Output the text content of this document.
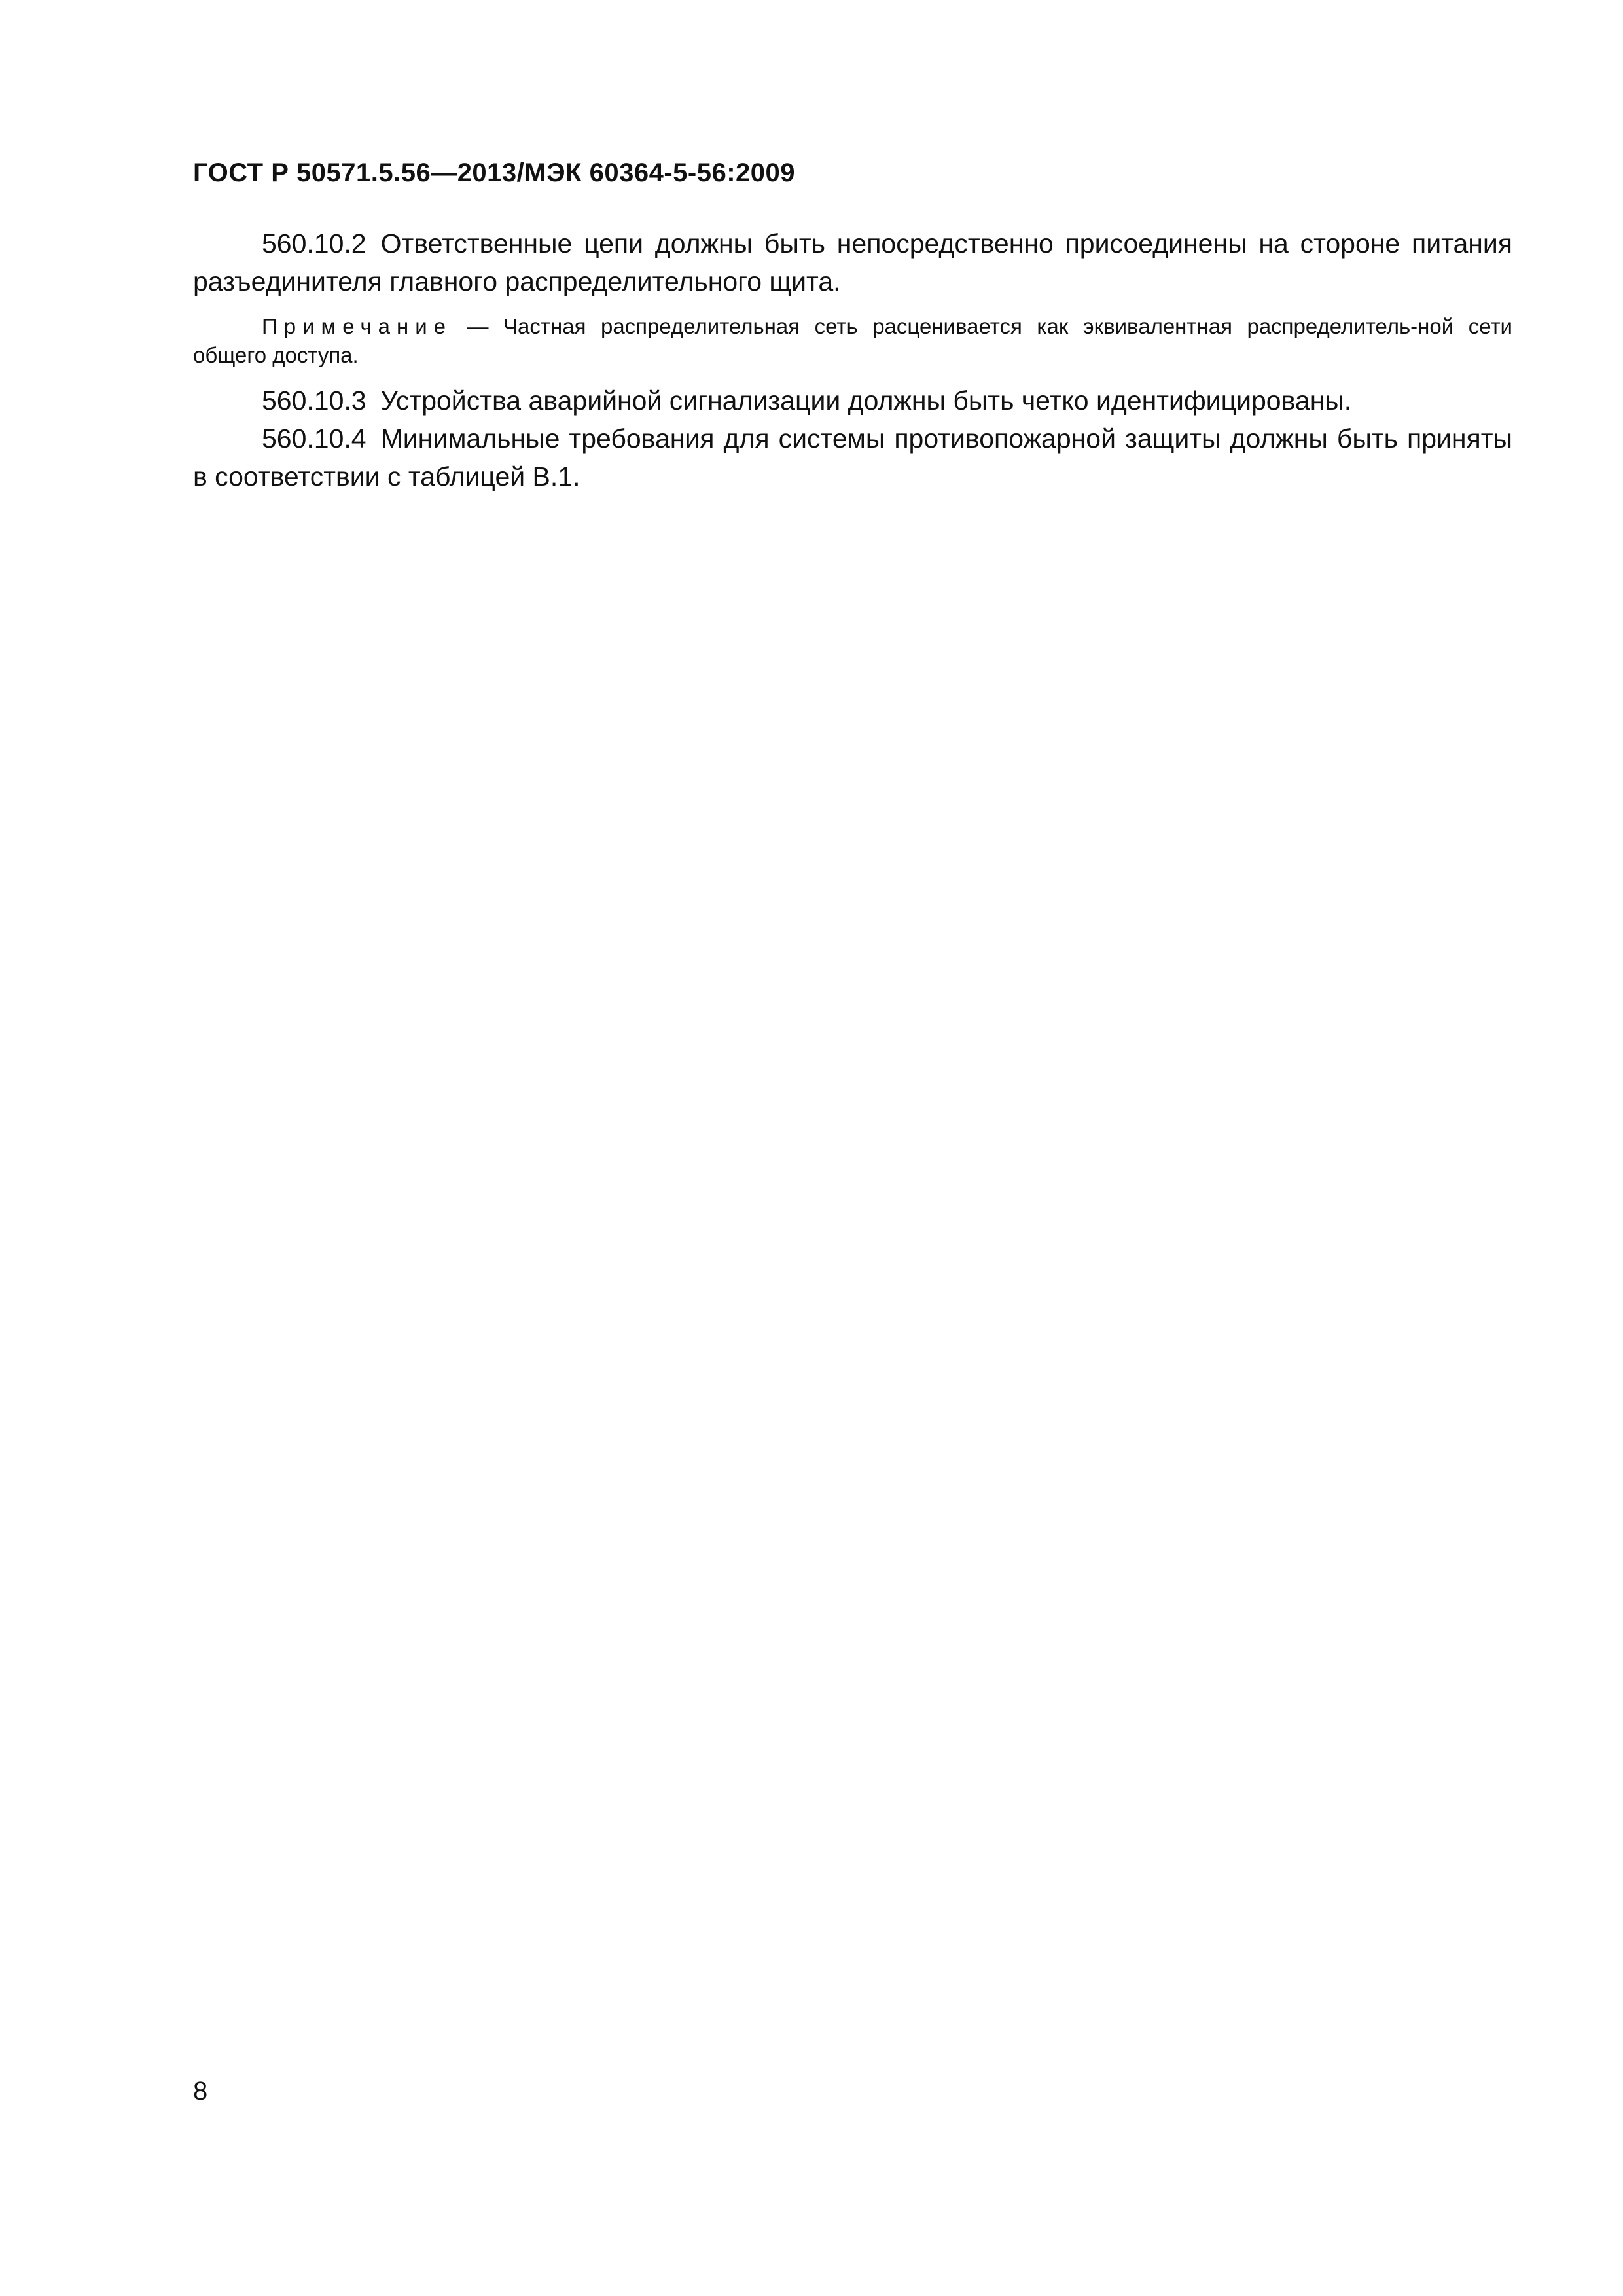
ГОСТ Р 50571.5.56—2013/МЭК 60364-5-56:2009

560.10.2 Ответственные цепи должны быть непосредственно присоединены на стороне питания разъединителя главного распределительного щита.

Примечание — Частная распределительная сеть расценивается как эквивалентная распределитель-ной сети общего доступа.

560.10.3 Устройства аварийной сигнализации должны быть четко идентифицированы.

560.10.4 Минимальные требования для системы противопожарной защиты должны быть приняты в соответствии с таблицей В.1.

8
